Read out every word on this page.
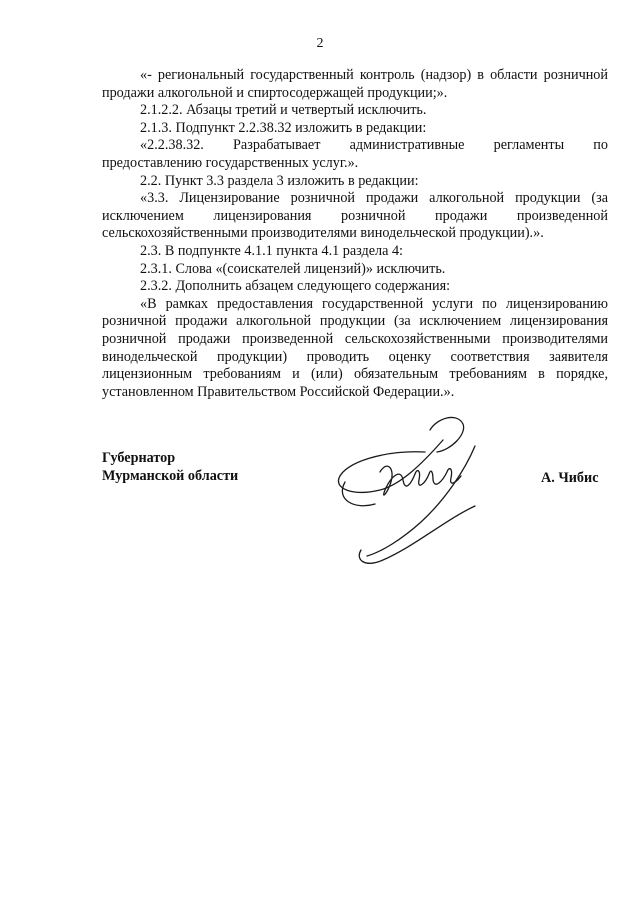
2

«- региональный государственный контроль (надзор) в области розничной продажи алкогольной и спиртосодержащей продукции;».

2.1.2.2. Абзацы третий и четвертый исключить.

2.1.3. Подпункт 2.2.38.32 изложить в редакции:

«2.2.38.32. Разрабатывает административные регламенты по предоставлению государственных услуг.».

2.2. Пункт 3.3 раздела 3 изложить в редакции:

«3.3. Лицензирование розничной продажи алкогольной продукции (за исключением лицензирования розничной продажи произведенной сельскохозяйственными производителями винодельческой продукции).».

2.3. В подпункте 4.1.1 пункта 4.1 раздела 4:

2.3.1. Слова «(соискателей лицензий)» исключить.

2.3.2. Дополнить абзацем следующего содержания:

«В рамках предоставления государственной услуги по лицензированию розничной продажи алкогольной продукции (за исключением лицензирования розничной продажи произведенной сельскохозяйственными производителями винодельческой продукции) проводить оценку соответствия заявителя лицензионным требованиям и (или) обязательным требованиям в порядке, установленном Правительством Российской Федерации.».

Губернатор
Мурманской области	А. Чибис
